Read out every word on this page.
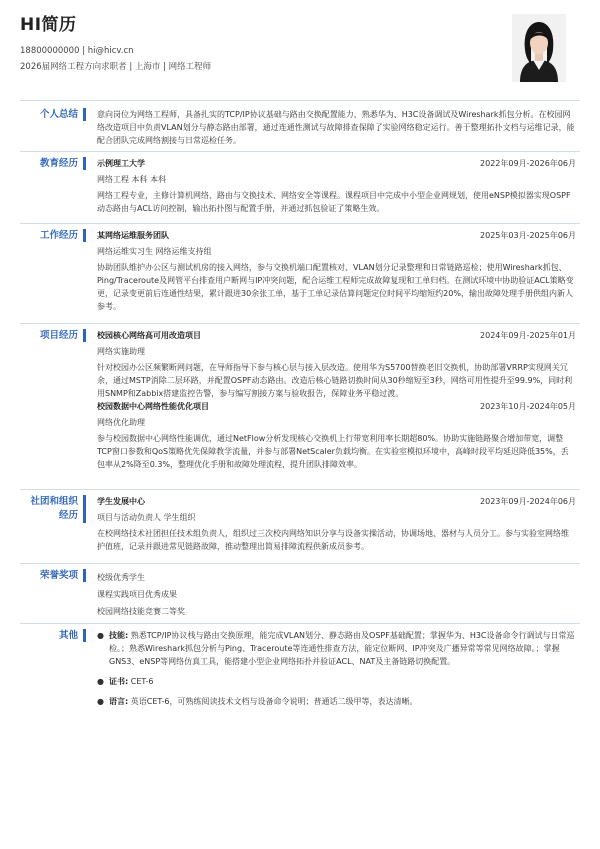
HI简历
18800000000 | hi@hicv.cn
2026届网络工程方向求职者 | 上海市 | 网络工程师
个人总结 意向岗位为网络工程师，具备扎实的TCP/IP协议基础与路由交换配置能力，熟悉华为、H3C设备调试及Wireshark抓包分析。在校园网络改造项目中负责VLAN划分与静态路由部署，通过连通性测试与故障排查保障了实验网络稳定运行。善于整理拓扑文档与运维记录，能配合团队完成网络割接与日常巡检任务。
教育经历 示例理工大学	2022年09月-2026年06月
网络工程 本科 本科
网络工程专业，主修计算机网络、路由与交换技术、网络安全等课程。课程项目中完成中小型企业网规划，使用eNSP模拟器实现OSPF动态路由与ACL访问控制，输出拓扑图与配置手册，并通过抓包验证了策略生效。
工作经历 某网络运维服务团队	2025年03月-2025年06月
网络运维实习生 网络运维支持组
协助团队维护办公区与测试机房的接入网络，参与交换机端口配置核对、VLAN划分记录整理和日常链路巡检；使用Wireshark抓包、Ping/Traceroute及网管平台排查用户断网与IP冲突问题，配合运维工程师完成故障复现和工单归档。在测试环境中协助验证ACL策略变更，记录变更前后连通性结果，累计跟进30余张工单，基于工单记录估算问题定位时间平均缩短约20%，输出故障处理手册供组内新人参考。
项目经历 校园核心网络高可用改造项目	2024年09月-2025年01月
网络实施助理
针对校园办公区频繁断网问题，在导师指导下参与核心层与接入层改造。使用华为S5700替换老旧交换机，协助部署VRRP实现网关冗余，通过MSTP消除二层环路，并配置OSPF动态路由。改造后核心链路切换时间从30秒缩短至3秒，网络可用性提升至99.9%，同时利用SNMP和Zabbix搭建监控告警，参与编写割接方案与验收报告，保障业务平稳过渡。
校园数据中心网络性能优化项目	2023年10月-2024年05月
网络优化助理
参与校园数据中心网络性能调优，通过NetFlow分析发现核心交换机上行带宽利用率长期超80%。协助实施链路聚合增加带宽，调整TCP窗口参数和QoS策略优先保障教学流量，并参与部署NetScaler负载均衡。在实验室模拟环境中，高峰时段平均延迟降低35%，丢包率从2%降至0.3%，整理优化手册和故障处理流程，提升团队排障效率。
社团和组织
经历
学生发展中心	2023年09月-2024年06月
项目与活动负责人 学生组织
在校网络技术社团担任技术组负责人，组织过三次校内网络知识分享与设备实操活动，协调场地、器材与人员分工。参与实验室网络维护值班，记录并跟进常见链路故障，推动整理出简易排障流程供新成员参考。
荣誉奖项 校级优秀学生
课程实践项目优秀成果
校园网络技能竞赛二等奖
其他 ● 技能: 熟悉TCP/IP协议栈与路由交换原理，能完成VLAN划分、静态路由及OSPF基础配置；掌握华为、H3C设备命令行调试与日常巡检。；熟悉Wireshark抓包分析与Ping、Traceroute等连通性排查方法，能定位断网、IP冲突及广播异常等常见网络故障。；掌握GNS3、eNSP等网络仿真工具，能搭建小型企业网络拓扑并验证ACL、NAT及主备链路切换配置。
● 证书: CET-6
● 语言: 英语CET-6，可熟练阅读技术文档与设备命令说明；普通话二级甲等，表达清晰。
